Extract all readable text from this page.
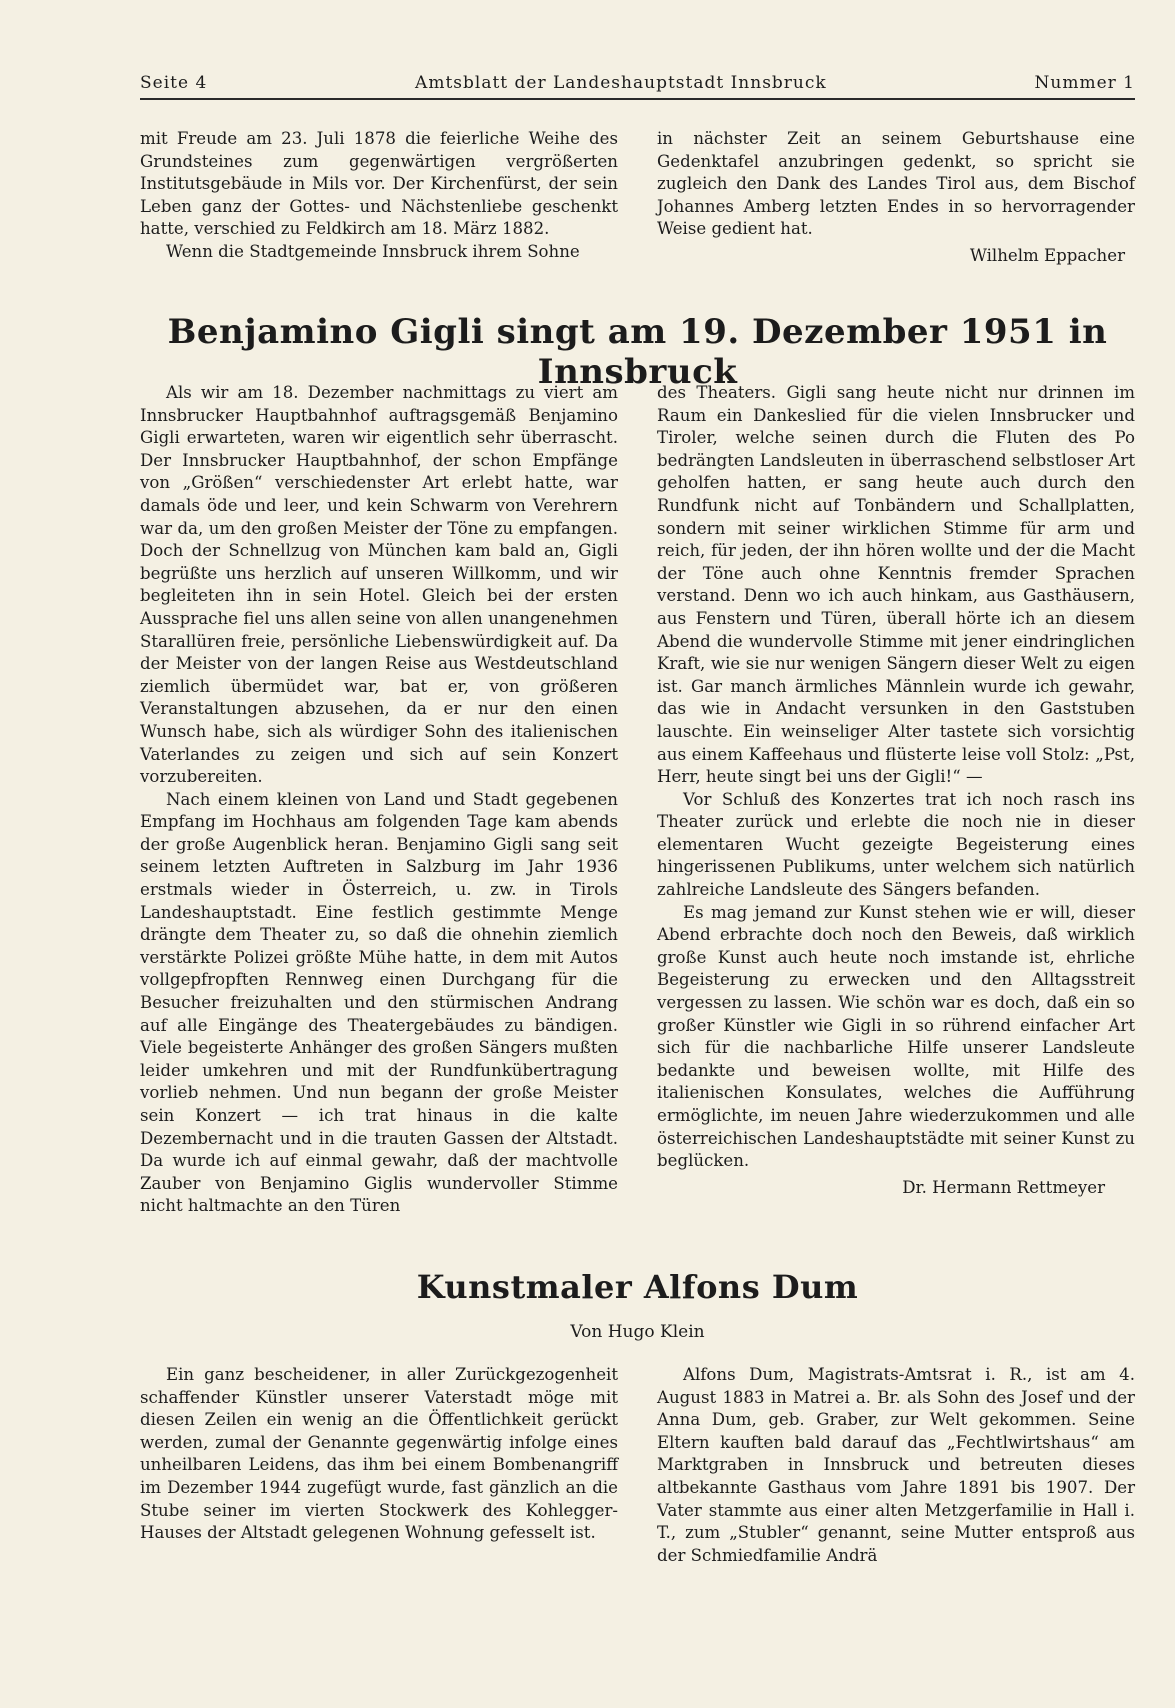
Seite 4	Amtsblatt der Landeshauptstadt Innsbruck	Nummer 1

mit Freude am 23. Juli 1878 die feierliche Weihe des Grundsteines zum gegenwärtigen vergrößerten Institutsgebäude in Mils vor. Der Kirchenfürst, der sein Leben ganz der Gottes- und Nächstenliebe geschenkt hatte, verschied zu Feldkirch am 18. März 1882.

Wenn die Stadtgemeinde Innsbruck ihrem Sohne

in nächster Zeit an seinem Geburtshause eine Gedenktafel anzubringen gedenkt, so spricht sie zugleich den Dank des Landes Tirol aus, dem Bischof Johannes Amberg letzten Endes in so hervorragender Weise gedient hat.

Wilhelm Eppacher

Benjamino Gigli singt am 19. Dezember 1951 in Innsbruck

Als wir am 18. Dezember nachmittags zu viert am Innsbrucker Hauptbahnhof auftragsgemäß Benjamino Gigli erwarteten, waren wir eigentlich sehr überrascht. Der Innsbrucker Hauptbahnhof, der schon Empfänge von „Größen“ verschiedenster Art erlebt hatte, war damals öde und leer, und kein Schwarm von Verehrern war da, um den großen Meister der Töne zu empfangen. Doch der Schnellzug von München kam bald an, Gigli begrüßte uns herzlich auf unseren Willkomm, und wir begleiteten ihn in sein Hotel. Gleich bei der ersten Aussprache fiel uns allen seine von allen unangenehmen Starallüren freie, persönliche Liebenswürdigkeit auf. Da der Meister von der langen Reise aus Westdeutschland ziemlich übermüdet war, bat er, von größeren Veranstaltungen abzusehen, da er nur den einen Wunsch habe, sich als würdiger Sohn des italienischen Vaterlandes zu zeigen und sich auf sein Konzert vorzubereiten.

Nach einem kleinen von Land und Stadt gegebenen Empfang im Hochhaus am folgenden Tage kam abends der große Augenblick heran. Benjamino Gigli sang seit seinem letzten Auftreten in Salzburg im Jahr 1936 erstmals wieder in Österreich, u. zw. in Tirols Landeshauptstadt. Eine festlich gestimmte Menge drängte dem Theater zu, so daß die ohnehin ziemlich verstärkte Polizei größte Mühe hatte, in dem mit Autos vollgepfropften Rennweg einen Durchgang für die Besucher freizuhalten und den stürmischen Andrang auf alle Eingänge des Theatergebäudes zu bändigen. Viele begeisterte Anhänger des großen Sängers mußten leider umkehren und mit der Rundfunkübertragung vorlieb nehmen. Und nun begann der große Meister sein Konzert — ich trat hinaus in die kalte Dezembernacht und in die trauten Gassen der Altstadt. Da wurde ich auf einmal gewahr, daß der machtvolle Zauber von Benjamino Giglis wundervoller Stimme nicht haltmachte an den Türen

des Theaters. Gigli sang heute nicht nur drinnen im Raum ein Dankeslied für die vielen Innsbrucker und Tiroler, welche seinen durch die Fluten des Po bedrängten Landsleuten in überraschend selbstloser Art geholfen hatten, er sang heute auch durch den Rundfunk nicht auf Tonbändern und Schallplatten, sondern mit seiner wirklichen Stimme für arm und reich, für jeden, der ihn hören wollte und der die Macht der Töne auch ohne Kenntnis fremder Sprachen verstand. Denn wo ich auch hinkam, aus Gasthäusern, aus Fenstern und Türen, überall hörte ich an diesem Abend die wundervolle Stimme mit jener eindringlichen Kraft, wie sie nur wenigen Sängern dieser Welt zu eigen ist. Gar manch ärmliches Männlein wurde ich gewahr, das wie in Andacht versunken in den Gaststuben lauschte. Ein weinseliger Alter tastete sich vorsichtig aus einem Kaffeehaus und flüsterte leise voll Stolz: „Pst, Herr, heute singt bei uns der Gigli!“ —

Vor Schluß des Konzertes trat ich noch rasch ins Theater zurück und erlebte die noch nie in dieser elementaren Wucht gezeigte Begeisterung eines hingerissenen Publikums, unter welchem sich natürlich zahlreiche Landsleute des Sängers befanden.

Es mag jemand zur Kunst stehen wie er will, dieser Abend erbrachte doch noch den Beweis, daß wirklich große Kunst auch heute noch imstande ist, ehrliche Begeisterung zu erwecken und den Alltagsstreit vergessen zu lassen. Wie schön war es doch, daß ein so großer Künstler wie Gigli in so rührend einfacher Art sich für die nachbarliche Hilfe unserer Landsleute bedankte und beweisen wollte, mit Hilfe des italienischen Konsulates, welches die Aufführung ermöglichte, im neuen Jahre wiederzukommen und alle österreichischen Landeshauptstädte mit seiner Kunst zu beglücken.

Dr. Hermann Rettmeyer

Kunstmaler Alfons Dum
Von Hugo Klein

Ein ganz bescheidener, in aller Zurückgezogenheit schaffender Künstler unserer Vaterstadt möge mit diesen Zeilen ein wenig an die Öffentlichkeit gerückt werden, zumal der Genannte gegenwärtig infolge eines unheilbaren Leidens, das ihm bei einem Bombenangriff im Dezember 1944 zugefügt wurde, fast gänzlich an die Stube seiner im vierten Stockwerk des Kohlegger-Hauses der Altstadt gelegenen Wohnung gefesselt ist.

Alfons Dum, Magistrats-Amtsrat i. R., ist am 4. August 1883 in Matrei a. Br. als Sohn des Josef und der Anna Dum, geb. Graber, zur Welt gekommen. Seine Eltern kauften bald darauf das „Fechtlwirtshaus“ am Marktgraben in Innsbruck und betreuten dieses altbekannte Gasthaus vom Jahre 1891 bis 1907. Der Vater stammte aus einer alten Metzgerfamilie in Hall i. T., zum „Stubler“ genannt, seine Mutter entsproß aus der Schmiedfamilie Andrä
